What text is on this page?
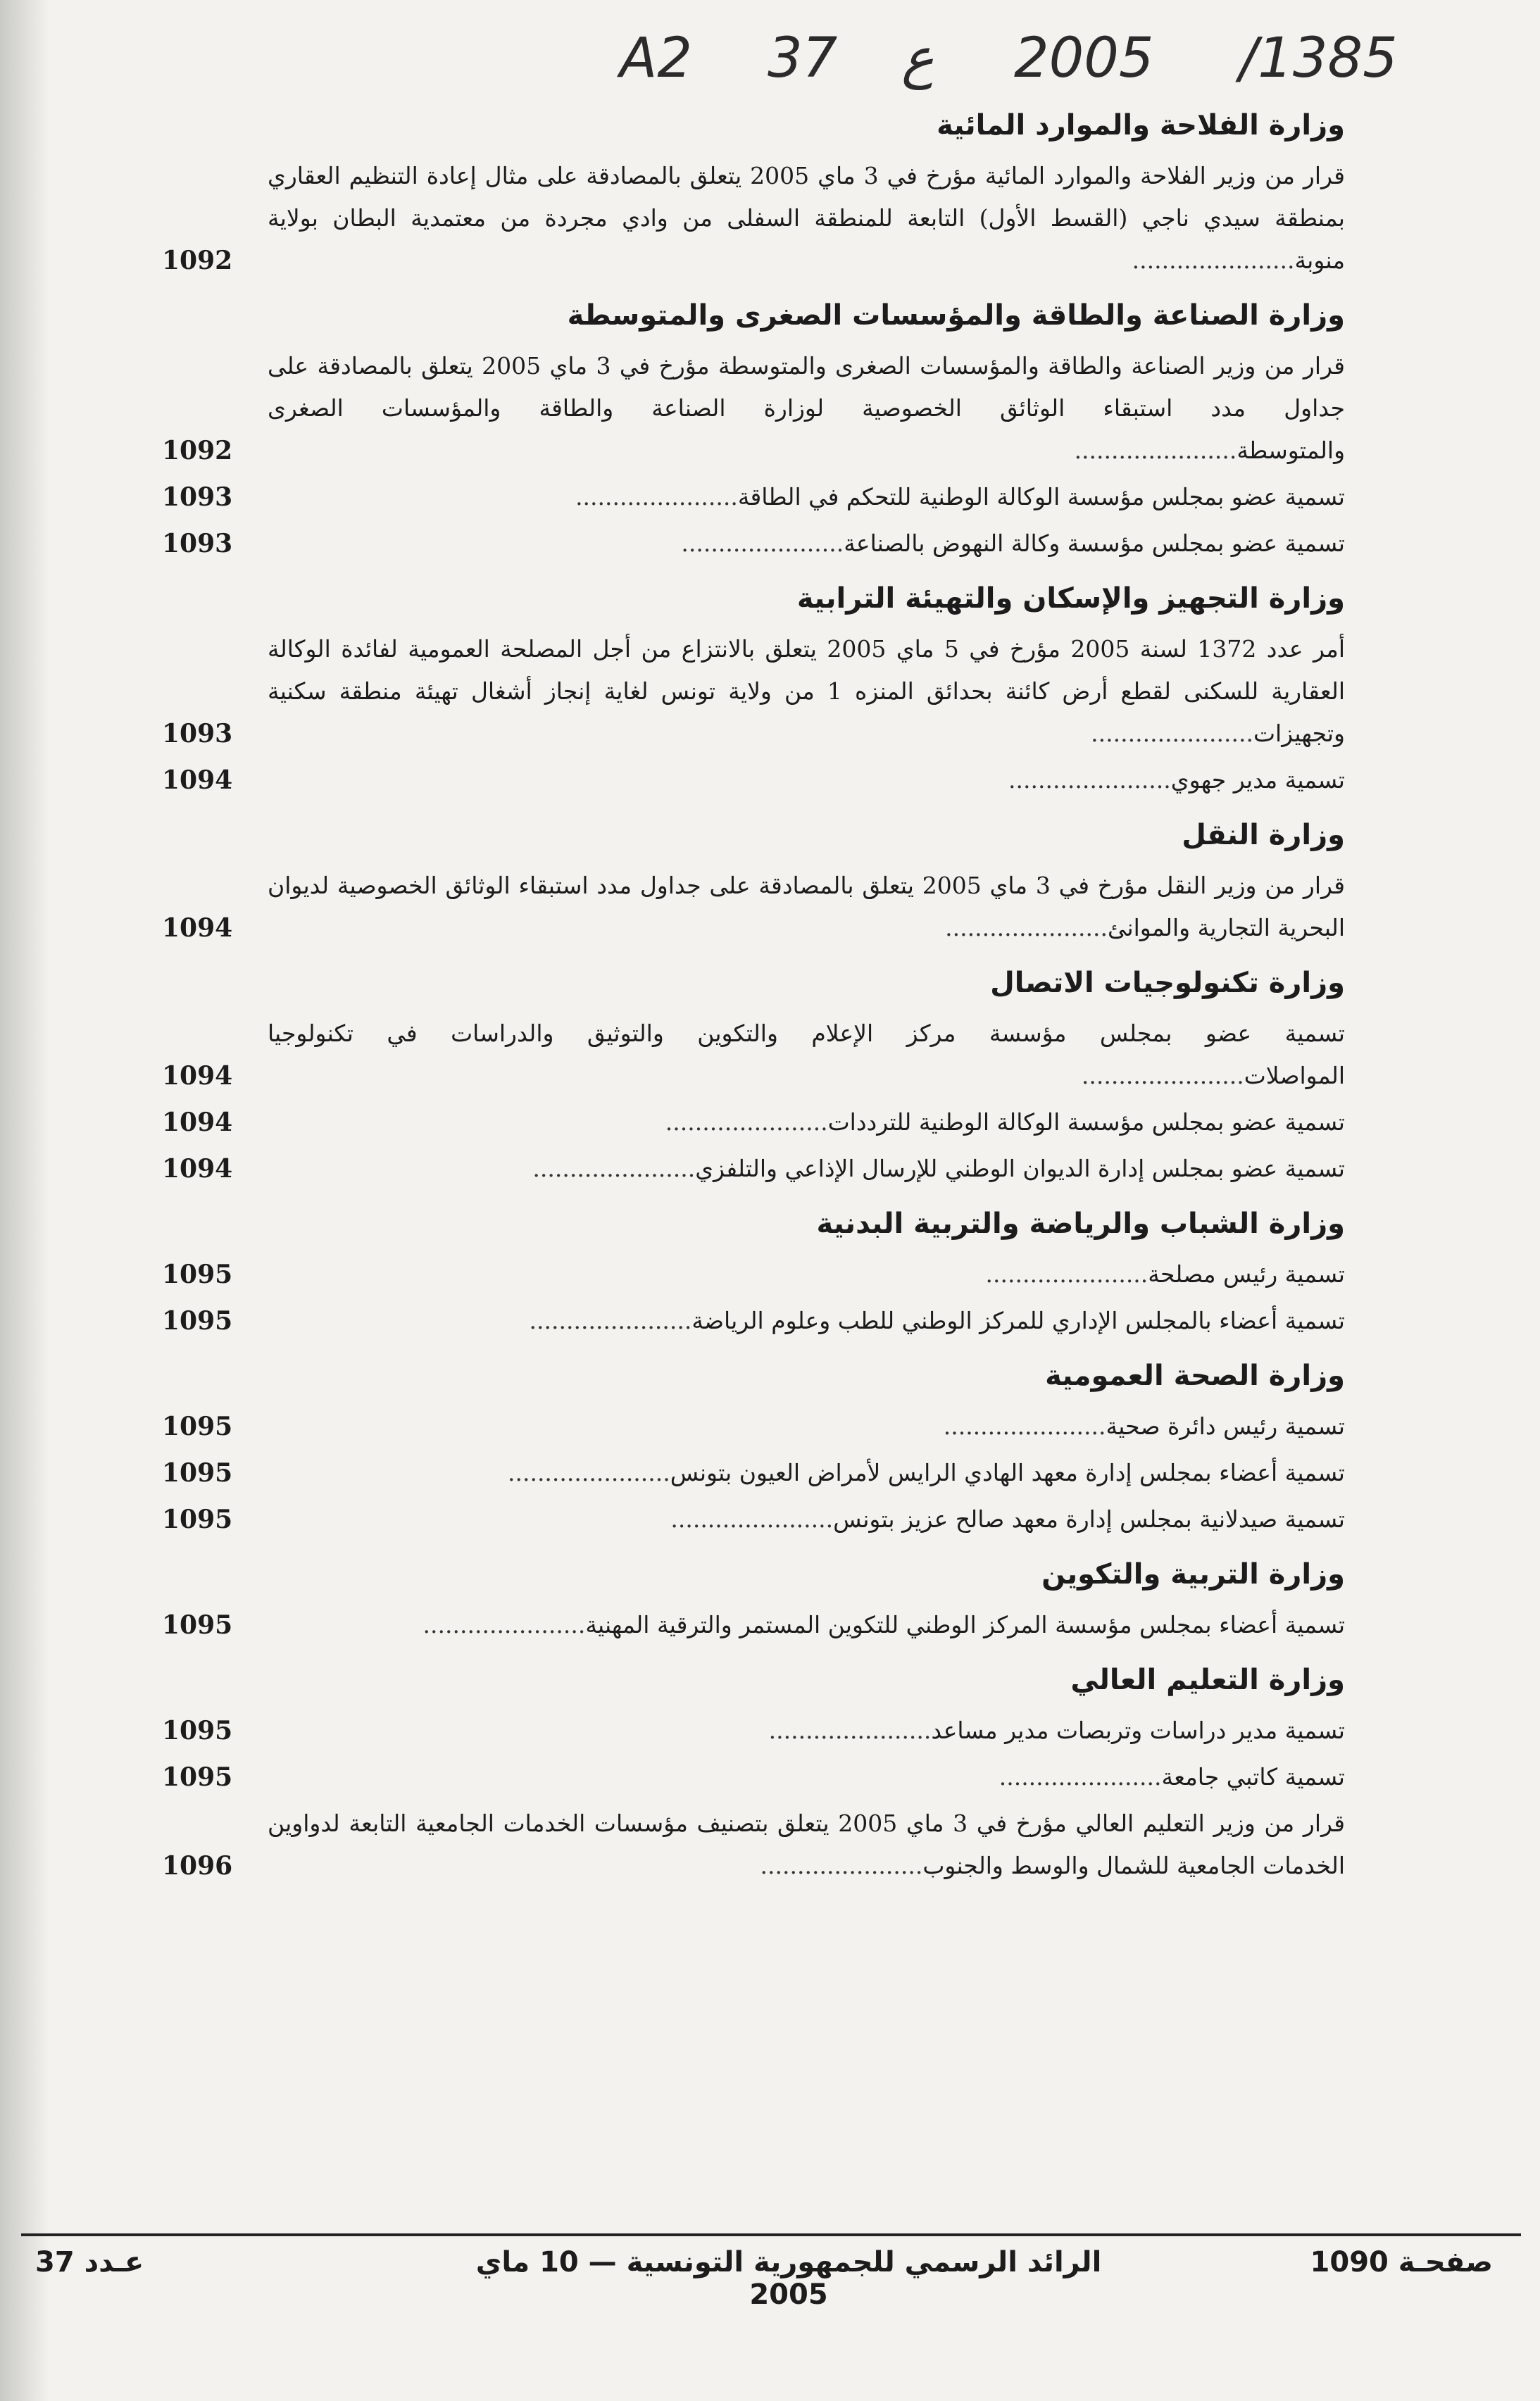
A2 37 ع 2005 /1385
وزارة الفلاحة والموارد المائية
قرار من وزير الفلاحة والموارد المائية مؤرخ في 3 ماي 2005 يتعلق بالمصادقة على مثال إعادة التنظيم العقاري بمنطقة سيدي ناجي (القسط الأول) التابعة للمنطقة السفلى من وادي مجردة من معتمدية البطان بولاية منوبة......................
1092
وزارة الصناعة والطاقة والمؤسسات الصغرى والمتوسطة
قرار من وزير الصناعة والطاقة والمؤسسات الصغرى والمتوسطة مؤرخ في 3 ماي 2005 يتعلق بالمصادقة على جداول مدد استبقاء الوثائق الخصوصية لوزارة الصناعة والطاقة والمؤسسات الصغرى والمتوسطة......................
1092
تسمية عضو بمجلس مؤسسة الوكالة الوطنية للتحكم في الطاقة......................
1093
تسمية عضو بمجلس مؤسسة وكالة النهوض بالصناعة......................
1093
وزارة التجهيز والإسكان والتهيئة الترابية
أمر عدد 1372 لسنة 2005 مؤرخ في 5 ماي 2005 يتعلق بالانتزاع من أجل المصلحة العمومية لفائدة الوكالة العقارية للسكنى لقطع أرض كائنة بحدائق المنزه 1 من ولاية تونس لغاية إنجاز أشغال تهيئة منطقة سكنية وتجهيزات......................
1093
تسمية مدير جهوي......................
1094
وزارة النقل
قرار من وزير النقل مؤرخ في 3 ماي 2005 يتعلق بالمصادقة على جداول مدد استبقاء الوثائق الخصوصية لديوان البحرية التجارية والموانئ......................
1094
وزارة تكنولوجيات الاتصال
تسمية عضو بمجلس مؤسسة مركز الإعلام والتكوين والتوثيق والدراسات في تكنولوجيا المواصلات......................
1094
تسمية عضو بمجلس مؤسسة الوكالة الوطنية للترددات......................
1094
تسمية عضو بمجلس إدارة الديوان الوطني للإرسال الإذاعي والتلفزي......................
1094
وزارة الشباب والرياضة والتربية البدنية
تسمية رئيس مصلحة......................
1095
تسمية أعضاء بالمجلس الإداري للمركز الوطني للطب وعلوم الرياضة......................
1095
وزارة الصحة العمومية
تسمية رئيس دائرة صحية......................
1095
تسمية أعضاء بمجلس إدارة معهد الهادي الرايس لأمراض العيون بتونس......................
1095
تسمية صيدلانية بمجلس إدارة معهد صالح عزيز بتونس......................
1095
وزارة التربية والتكوين
تسمية أعضاء بمجلس مؤسسة المركز الوطني للتكوين المستمر والترقية المهنية......................
1095
وزارة التعليم العالي
تسمية مدير دراسات وتربصات مدير مساعد......................
1095
تسمية كاتبي جامعة......................
1095
قرار من وزير التعليم العالي مؤرخ في 3 ماي 2005 يتعلق بتصنيف مؤسسات الخدمات الجامعية التابعة لدواوين الخدمات الجامعية للشمال والوسط والجنوب......................
1096
صفحـة 1090
الرائد الرسمي للجمهورية التونسية — 10 ماي 2005
عـدد 37
